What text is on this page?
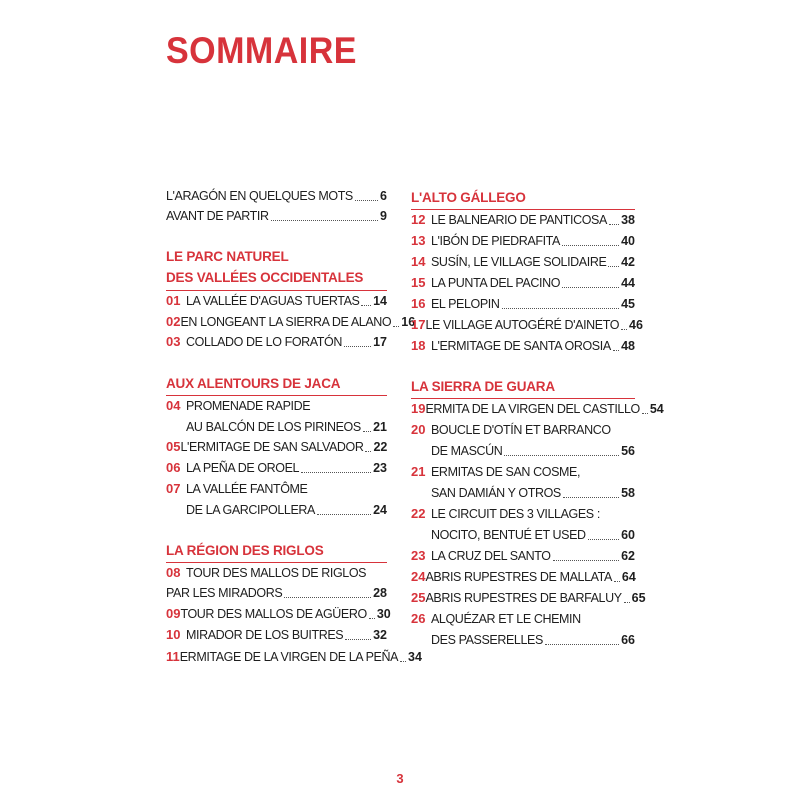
SOMMAIRE
L'ARAGÓN EN QUELQUES MOTS 6
AVANT DE PARTIR	9
LE PARC NATUREL
DES VALLÉES OCCIDENTALES
01 LA VALLÉE D'AGUAS TUERTAS 14
02 EN LONGEANT LA SIERRA DE ALANO 16
03 COLLADO DE LO FORATÓN 17
AUX ALENTOURS DE JACA
04 PROMENADE RAPIDE
AU BALCÓN DE LOS PIRINEOS 21
05 L'ERMITAGE DE SAN SALVADOR 22
06 LA PEÑA DE OROEL	23
07 LA VALLÉE FANTÔME
DE LA GARCIPOLLERA	24
LA RÉGION DES RIGLOS
08 TOUR DES MALLOS DE RIGLOS
PAR LES MIRADORS	28
09 TOUR DES MALLOS DE AGÜERO 30
10 MIRADOR DE LOS BUITRES 32
11 ERMITAGE DE LA VIRGEN DE LA PEÑA 34
L'ALTO GÁLLEGO
12 LE BALNEARIO DE PANTICOSA 38
13 L'IBÓN DE PIEDRAFITA	40
14 SUSÍN, LE VILLAGE SOLIDAIRE 42
15 LA PUNTA DEL PACINO	44
16 EL PELOPIN	45
17 LE VILLAGE AUTOGÉRÉ D'AINETO 46
18 L'ERMITAGE DE SANTA OROSIA 48
LA SIERRA DE GUARA
19 ERMITA DE LA VIRGEN DEL CASTILLO 54
20 BOUCLE D'OTÍN ET BARRANCO
DE MASCÚN	56
21 ERMITAS DE SAN COSME,
SAN DAMIÁN Y OTROS	58
22 LE CIRCUIT DES 3 VILLAGES :
NOCITO, BENTUÉ ET USED	60
23 LA CRUZ DEL SANTO	62
24 ABRIS RUPESTRES DE MALLATA 64
25 ABRIS RUPESTRES DE BARFALUY 65
26 ALQUÉZAR ET LE CHEMIN
DES PASSERELLES	66
3
